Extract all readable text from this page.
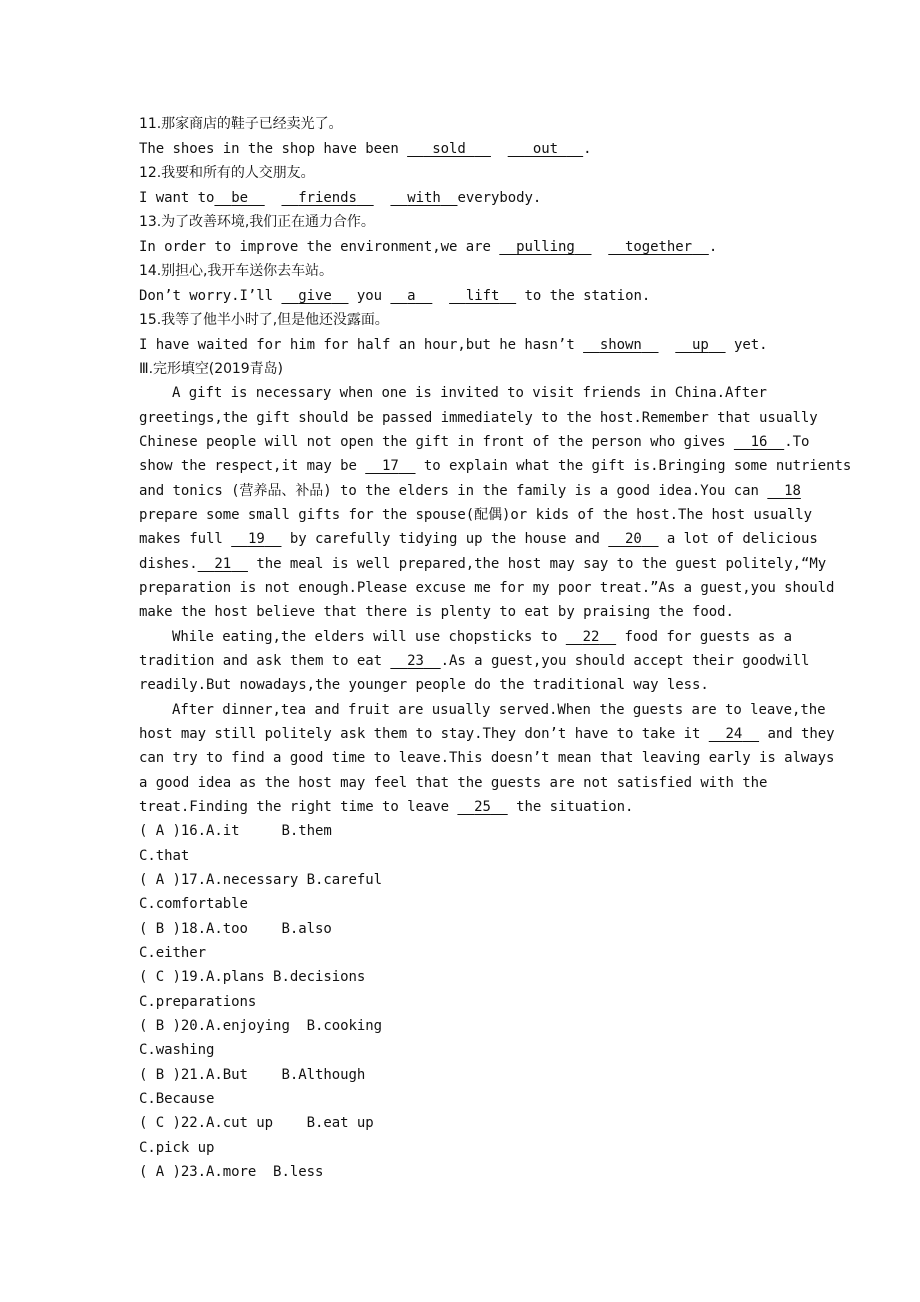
11.那家商店的鞋子已经卖光了。
The shoes in the shop have been    sold	out   .
12.我要和所有的人交朋友。
I want to be	friends	with everybody.
13.为了改善环境,我们正在通力合作。
In order to improve the environment,we are   pulling	together .
14.别担心,我开车送你去车站。
Don’t worry.I’ll   give   you   a	lift   to the station.
15.我等了他半小时了,但是他还没露面。
I have waited for him for half an hour,but he hasn’t   shown	up   yet.
Ⅲ.完形填空(2019青岛)
A gift is necessary when one is invited to visit friends in China.After
greetings,the gift should be passed immediately to the host.Remember that usually
Chinese people will not open the gift in front of the person who gives   16 .To
show the respect,it may be   17   to explain what the gift is.Bringing some nutrients
and tonics (营养品、补品) to the elders in the family is a good idea.You can   18
prepare some small gifts for the spouse(配偶)or kids of the host.The host usually
makes full   19   by carefully tidying up the house and   20   a lot of delicious
dishes. 21   the meal is well prepared,the host may say to the guest politely,“My
preparation is not enough.Please excuse me for my poor treat.”As a guest,you should
make the host believe that there is plenty to eat by praising the food.
While eating,the elders will use chopsticks to   22   food for guests as a
tradition and ask them to eat   23 .As a guest,you should accept their goodwill
readily.But nowadays,the younger people do the traditional way less.
After dinner,tea and fruit are usually served.When the guests are to leave,the
host may still politely ask them to stay.They don’t have to take it   24   and they
can try to find a good time to leave.This doesn’t mean that leaving early is always
a good idea as the host may feel that the guests are not satisfied with the
treat.Finding the right time to leave   25   the situation.
( A )16.A.it     B.them
C.that
( A )17.A.necessary B.careful
C.comfortable
( B )18.A.too    B.also
C.either
( C )19.A.plans B.decisions
C.preparations
( B )20.A.enjoying  B.cooking
C.washing
( B )21.A.But    B.Although
C.Because
( C )22.A.cut up    B.eat up
C.pick up
( A )23.A.more  B.less
